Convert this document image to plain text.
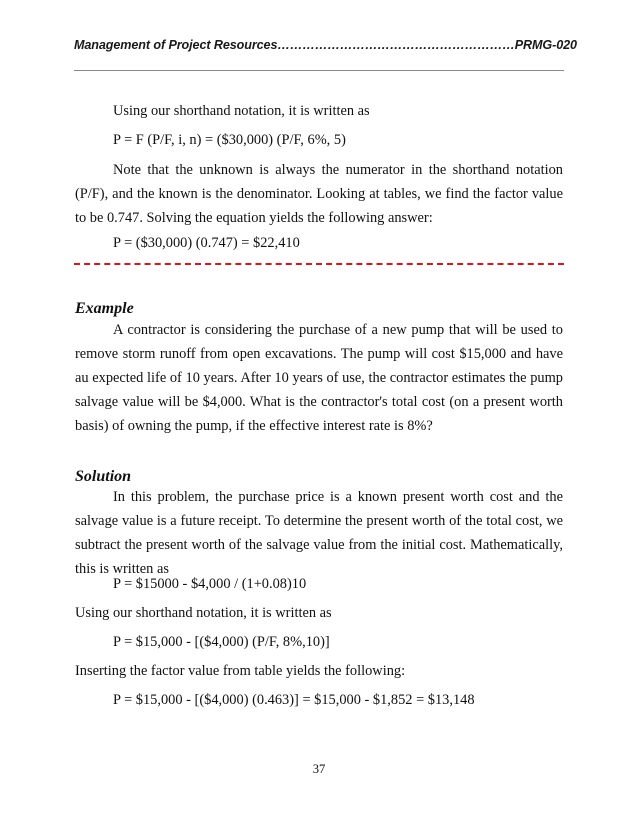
Management of Project Resources…………………………………………………PRMG-020
Using our shorthand notation, it is written as
P = F (P/F, i, n) = ($30,000) (P/F, 6%, 5)

Note that the unknown is always the numerator in the shorthand notation (P/F), and the known is the denominator. Looking at tables, we find the factor value to be 0.747. Solving the equation yields the following answer:

P = ($30,000) (0.747) = $22,410
Example

A contractor is considering the purchase of a new pump that will be used to remove storm runoff from open excavations. The pump will cost $15,000 and have au expected life of 10 years. After 10 years of use, the contractor estimates the pump salvage value will be $4,000. What is the contractor's total cost (on a present worth basis) of owning the pump, if the effective interest rate is 8%?

Solution

In this problem, the purchase price is a known present worth cost and the salvage value is a future receipt. To determine the present worth of the total cost, we subtract the present worth of the salvage value from the initial cost. Mathematically, this is written as

P = $15000 - $4,000 / (1+0.08)10
Using our shorthand notation, it is written as
P = $15,000 - [($4,000) (P/F, 8%,10)]
Inserting the factor value from table yields the following:
P = $15,000 - [($4,000) (0.463)] = $15,000 - $1,852 = $13,148
37
